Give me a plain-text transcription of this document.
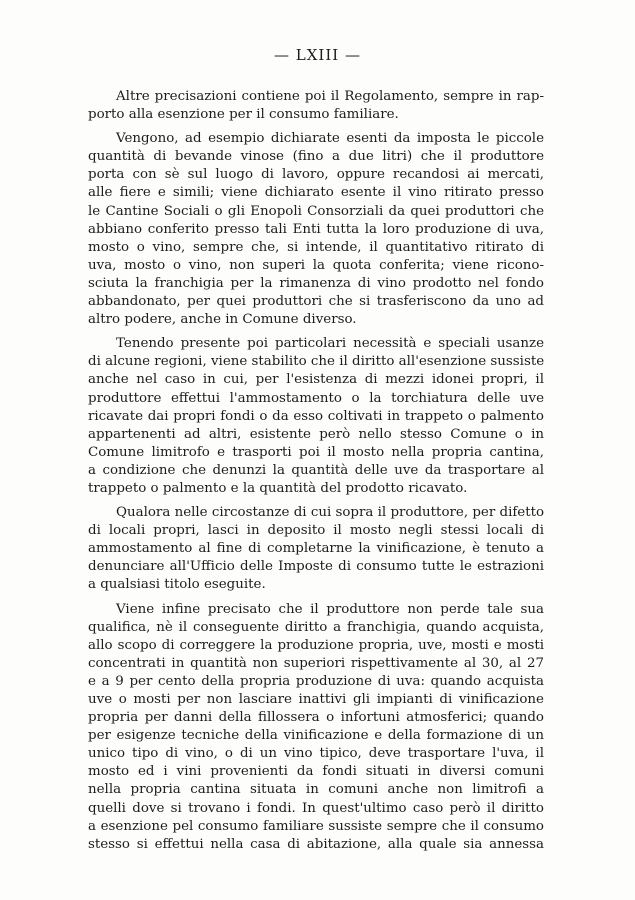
— LXIII —
Altre precisazioni contiene poi il Regolamento, sempre in rap-
porto alla esenzione per il consumo familiare.
Vengono, ad esempio dichiarate esenti da imposta le piccole
quantità di bevande vinose (fino a due litri) che il produttore
porta con sè sul luogo di lavoro, oppure recandosi ai mercati,
alle fiere e simili; viene dichiarato esente il vino ritirato presso
le Cantine Sociali o gli Enopoli Consorziali da quei produttori che
abbiano conferito presso tali Enti tutta la loro produzione di uva,
mosto o vino, sempre che, si intende, il quantitativo ritirato di
uva, mosto o vino, non superi la quota conferita; viene ricono-
sciuta la franchigia per la rimanenza di vino prodotto nel fondo
abbandonato, per quei produttori che si trasferiscono da uno ad
altro podere, anche in Comune diverso.
Tenendo presente poi particolari necessità e speciali usanze
di alcune regioni, viene stabilito che il diritto all'esenzione sussiste
anche nel caso in cui, per l'esistenza di mezzi idonei propri, il
produttore effettui l'ammostamento o la torchiatura delle uve
ricavate dai propri fondi o da esso coltivati in trappeto o palmento
appartenenti ad altri, esistente però nello stesso Comune o in
Comune limitrofo e trasporti poi il mosto nella propria cantina,
a condizione che denunzi la quantità delle uve da trasportare al
trappeto o palmento e la quantità del prodotto ricavato.
Qualora nelle circostanze di cui sopra il produttore, per difetto
di locali propri, lasci in deposito il mosto negli stessi locali di
ammostamento al fine di completarne la vinificazione, è tenuto a
denunciare all'Ufficio delle Imposte di consumo tutte le estrazioni
a qualsiasi titolo eseguite.
Viene infine precisato che il produttore non perde tale sua
qualifica, nè il conseguente diritto a franchigia, quando acquista,
allo scopo di correggere la produzione propria, uve, mosti e mosti
concentrati in quantità non superiori rispettivamente al 30, al 27
e a 9 per cento della propria produzione di uva: quando acquista
uve o mosti per non lasciare inattivi gli impianti di vinificazione
propria per danni della fillossera o infortuni atmosferici; quando
per esigenze tecniche della vinificazione e della formazione di un
unico tipo di vino, o di un vino tipico, deve trasportare l'uva, il
mosto ed i vini provenienti da fondi situati in diversi comuni
nella propria cantina situata in comuni anche non limitrofi a
quelli dove si trovano i fondi. In quest'ultimo caso però il diritto
a esenzione pel consumo familiare sussiste sempre che il consumo
stesso si effettui nella casa di abitazione, alla quale sia annessa
